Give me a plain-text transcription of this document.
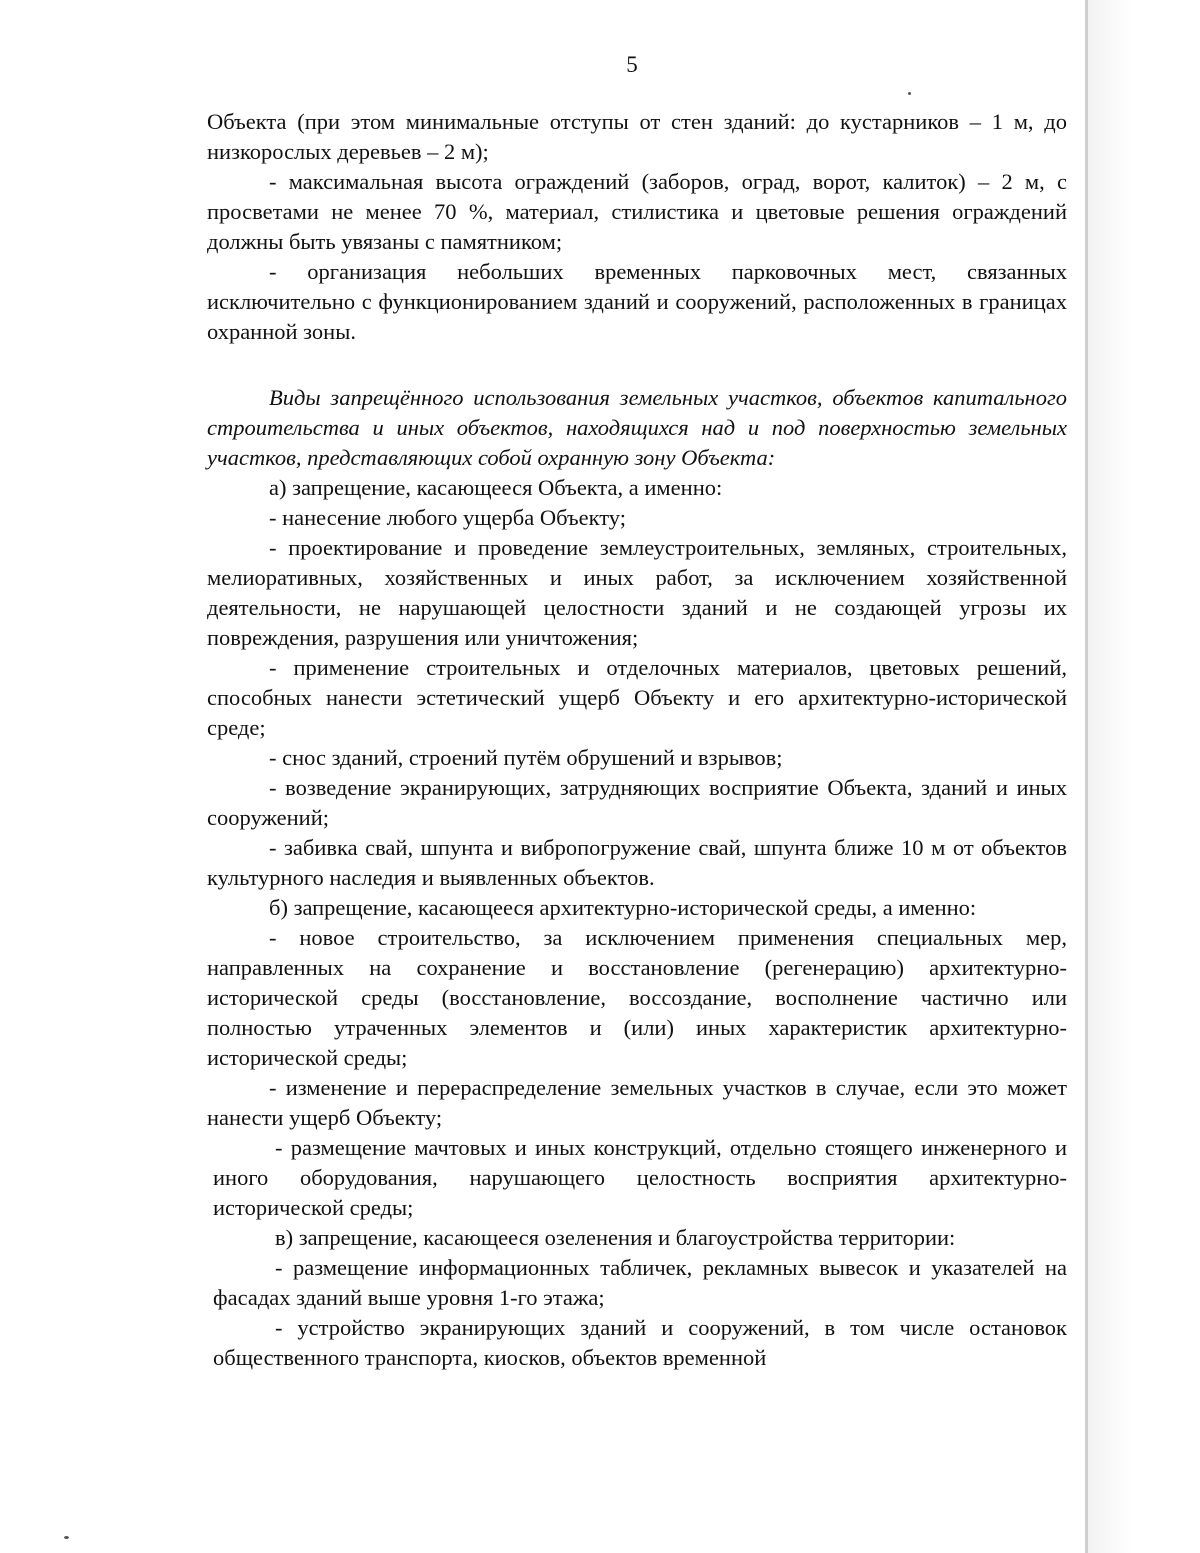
5

Объекта (при этом минимальные отступы от стен зданий: до кустарников – 1 м, до низкорослых деревьев – 2 м);

- максимальная высота ограждений (заборов, оград, ворот, калиток) – 2 м, с просветами не менее 70 %, материал, стилистика и цветовые решения ограждений должны быть увязаны с памятником;

- организация небольших временных парковочных мест, связанных исключительно с функционированием зданий и сооружений, расположенных в границах охранной зоны.

Виды запрещённого использования земельных участков, объектов капитального строительства и иных объектов, находящихся над и под поверхностью земельных участков, представляющих собой охранную зону Объекта:

а) запрещение, касающееся Объекта, а именно:

- нанесение любого ущерба Объекту;

- проектирование и проведение землеустроительных, земляных, строительных, мелиоративных, хозяйственных и иных работ, за исключением хозяйственной деятельности, не нарушающей целостности зданий и не создающей угрозы их повреждения, разрушения или уничтожения;

- применение строительных и отделочных материалов, цветовых решений, способных нанести эстетический ущерб Объекту и его архитектурно-исторической среде;

- снос зданий, строений путём обрушений и взрывов;

- возведение экранирующих, затрудняющих восприятие Объекта, зданий и иных сооружений;

- забивка свай, шпунта и вибропогружение свай, шпунта ближе 10 м от объектов культурного наследия и выявленных объектов.

б) запрещение, касающееся архитектурно-исторической среды, а именно:

- новое строительство, за исключением применения специальных мер, направленных на сохранение и восстановление (регенерацию) архитектурно-исторической среды (восстановление, воссоздание, восполнение частично или полностью утраченных элементов и (или) иных характеристик архитектурно-исторической среды;

- изменение и перераспределение земельных участков в случае, если это может нанести ущерб Объекту;

- размещение мачтовых и иных конструкций, отдельно стоящего инженерного и иного оборудования, нарушающего целостность восприятия архитектурно-исторической среды;

в) запрещение, касающееся озеленения и благоустройства территории:

- размещение информационных табличек, рекламных вывесок и указателей на фасадах зданий выше уровня 1-го этажа;

- устройство экранирующих зданий и сооружений, в том числе остановок общественного транспорта, киосков, объектов временной
